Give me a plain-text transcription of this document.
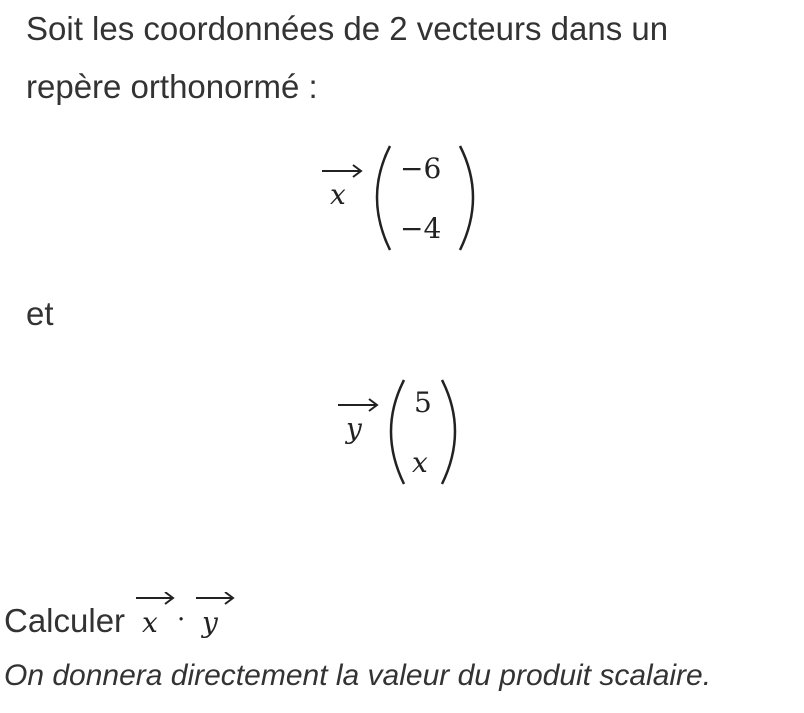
Soit les coordonnées de 2 vecteurs dans un

repère orthonormé :

x
−6
−4

et

y
5
x
Calculer x · y

On donnera directement la valeur du produit scalaire.
